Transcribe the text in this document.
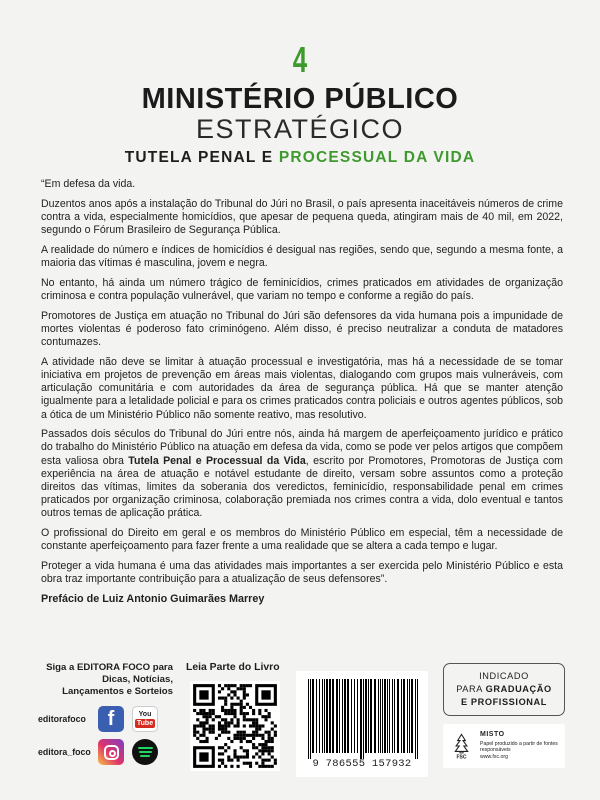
4
MINISTÉRIO PÚBLICO
ESTRATÉGICO
TUTELA PENAL E PROCESSUAL DA VIDA

“Em defesa da vida.

Duzentos anos após a instalação do Tribunal do Júri no Brasil, o país apresenta inaceitáveis números de crime contra a vida, especialmente homicídios, que apesar de pequena queda, atingiram mais de 40 mil, em 2022, segundo o Fórum Brasileiro de Segurança Pública.

A realidade do número e índices de homicídios é desigual nas regiões, sendo que, segundo a mesma fonte, a maioria das vítimas é masculina, jovem e negra.

No entanto, há ainda um número trágico de feminicídios, crimes praticados em atividades de organização criminosa e contra população vulnerável, que variam no tempo e conforme a região do país.

Promotores de Justiça em atuação no Tribunal do Júri são defensores da vida humana pois a impunidade de mortes violentas é poderoso fato criminógeno. Além disso, é preciso neutralizar a conduta de matadores contumazes.

A atividade não deve se limitar à atuação processual e investigatória, mas há a necessidade de se tomar iniciativa em projetos de prevenção em áreas mais violentas, dialogando com grupos mais vulneráveis, com articulação comunitária e com autoridades da área de segurança pública. Há que se manter atenção igualmente para a letalidade policial e para os crimes praticados contra policiais e outros agentes públicos, sob a ótica de um Ministério Público não somente reativo, mas resolutivo.

Passados dois séculos do Tribunal do Júri entre nós, ainda há margem de aperfeiçoamento jurídico e prático do trabalho do Ministério Público na atuação em defesa da vida, como se pode ver pelos artigos que compõem esta valiosa obra Tutela Penal e Processual da Vida, escrito por Promotores, Promotoras de Justiça com experiência na área de atuação e notável estudante de direito, versam sobre assuntos como a proteção direitos das vítimas, limites da soberania dos veredictos, feminicídio, responsabilidade penal em crimes praticados por organização criminosa, colaboração premiada nos crimes contra a vida, dolo eventual e tantos outros temas de aplicação prática.

O profissional do Direito em geral e os membros do Ministério Público em especial, têm a necessidade de constante aperfeiçoamento para fazer frente a uma realidade que se altera a cada tempo e lugar.

Proteger a vida humana é uma das atividades mais importantes a ser exercida pelo Ministério Público e esta obra traz importante contribuição para a atualização de seus defensores”.

Prefácio de Luiz Antonio Guimarães Marrey
Siga a EDITORA FOCO para Dicas, Notícias, Lançamentos e Sorteios
editorafoco	f	You
Tube
editora_foco
Leia Parte do Livro
9 786555 157932
INDICADO
PARA GRADUAÇÃO
E PROFISSIONAL
FSC
MISTO
Papel produzido a partir de fontes responsáveis
www.fsc.org
